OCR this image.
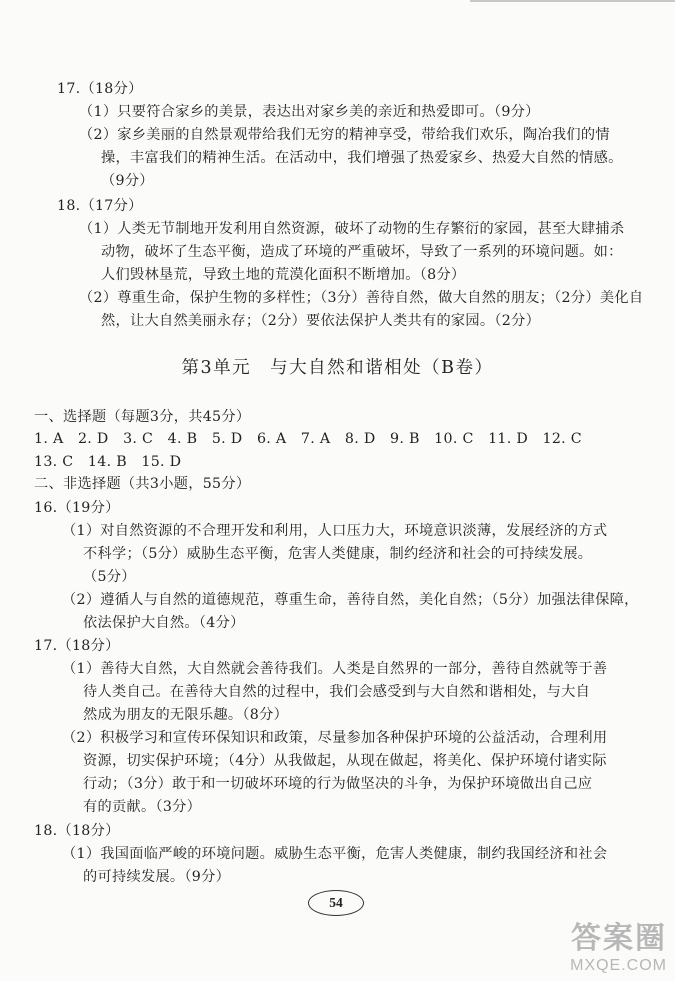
17.（18分）
（1）只要符合家乡的美景，表达出对家乡美的亲近和热爱即可。（9分）
（2）家乡美丽的自然景观带给我们无穷的精神享受，带给我们欢乐，陶冶我们的情
操，丰富我们的精神生活。在活动中，我们增强了热爱家乡、热爱大自然的情感。
（9分）
18.（17分）
（1）人类无节制地开发利用自然资源，破坏了动物的生存繁衍的家园，甚至大肆捕杀
动物，破坏了生态平衡，造成了环境的严重破坏，导致了一系列的环境问题。如：
人们毁林垦荒，导致土地的荒漠化面积不断增加。（8分）
（2）尊重生命，保护生物的多样性；（3分）善待自然，做大自然的朋友；（2分）美化自
然，让大自然美丽永存；（2分）要依法保护人类共有的家园。（2分）
第3单元　与大自然和谐相处（B卷）
一、选择题（每题3分，共45分）
1. A　2. D　3. C　4. B　5. D　6. A　7. A　8. D　9. B　10. C　11. D　12. C
13. C　14. B　15. D
二、非选择题（共3小题，55分）
16.（19分）
（1）对自然资源的不合理开发和利用，人口压力大，环境意识淡薄，发展经济的方式
不科学；（5分）威胁生态平衡，危害人类健康，制约经济和社会的可持续发展。
（5分）
（2）遵循人与自然的道德规范，尊重生命，善待自然，美化自然；（5分）加强法律保障，
依法保护大自然。（4分）
17.（18分）
（1）善待大自然，大自然就会善待我们。人类是自然界的一部分，善待自然就等于善
待人类自己。在善待大自然的过程中，我们会感受到与大自然和谐相处，与大自
然成为朋友的无限乐趣。（8分）
（2）积极学习和宣传环保知识和政策，尽量参加各种保护环境的公益活动，合理利用
资源，切实保护环境；（4分）从我做起，从现在做起，将美化、保护环境付诸实际
行动；（3分）敢于和一切破坏环境的行为做坚决的斗争，为保护环境做出自己应
有的贡献。（3分）
18.（18分）
（1）我国面临严峻的环境问题。威胁生态平衡，危害人类健康，制约我国经济和社会
的可持续发展。（9分）
54
答案圈
MXQE.COM
